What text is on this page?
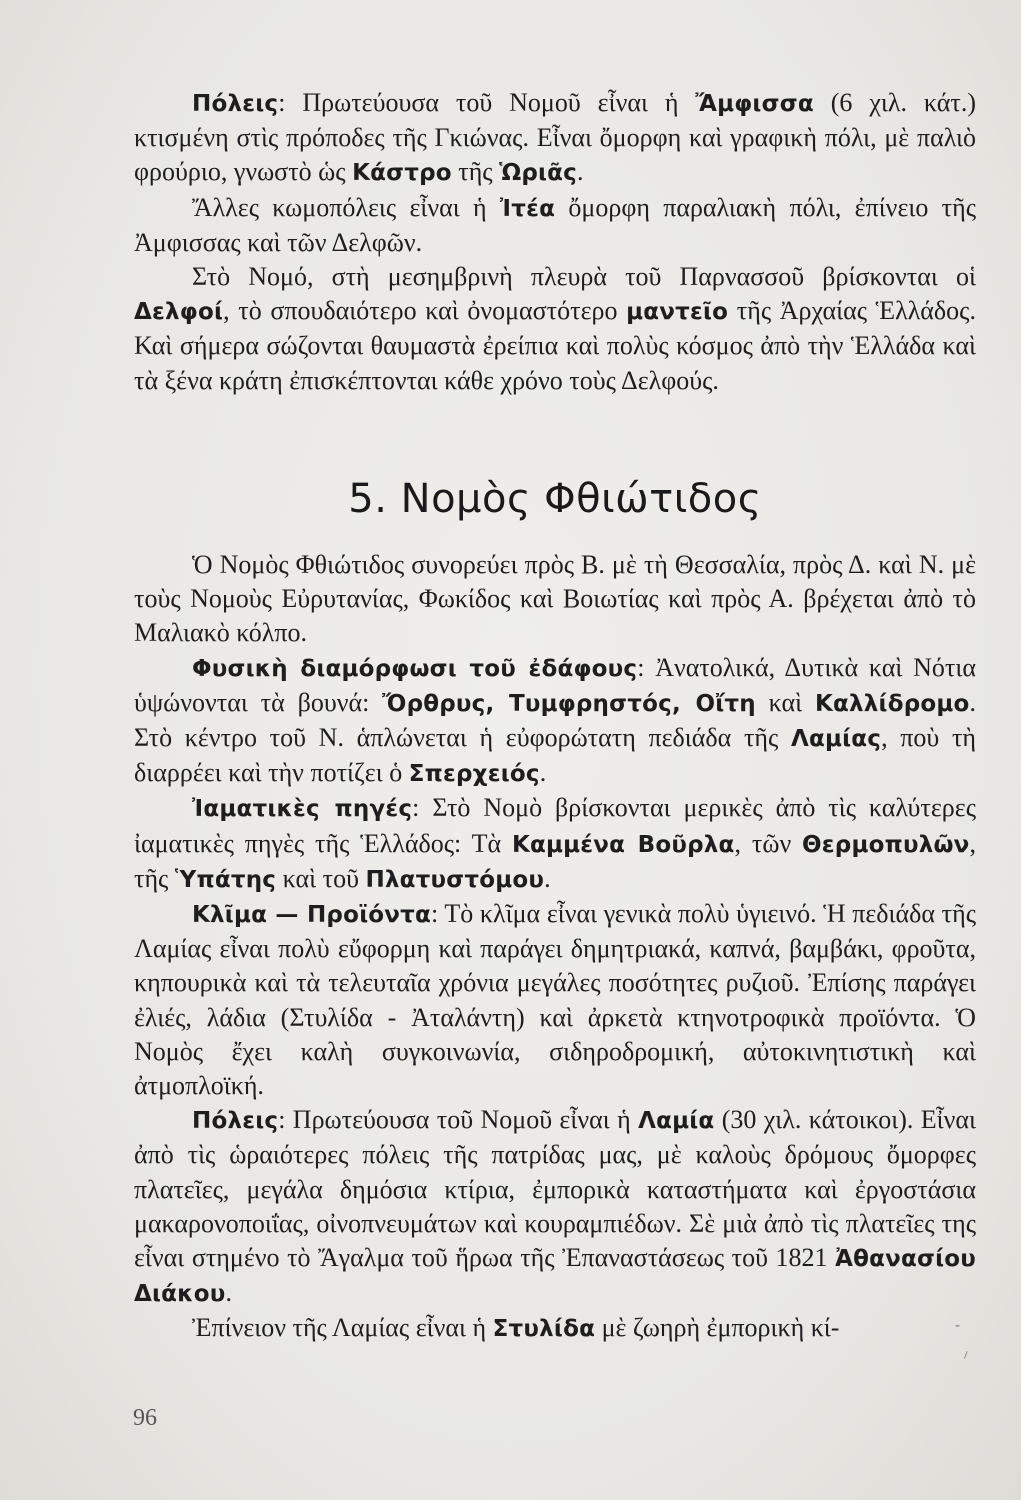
Πόλεις: Πρωτεύουσα τοῦ Νομοῦ εἶναι ἡ Ἄμφισσα (6 χιλ. κάτ.) κτισμένη στὶς πρόποδες τῆς Γκιώνας. Εἶναι ὄμορφη καὶ γραφικὴ πόλι, μὲ παλιὸ φρούριο, γνωστὸ ὡς Κάστρο τῆς Ὡριᾶς.

Ἄλλες κωμοπόλεις εἶναι ἡ Ἰτέα ὄμορφη παραλιακὴ πόλι, ἐπίνειο τῆς Ἀμφισσας καὶ τῶν Δελφῶν.

Στὸ Νομό, στὴ μεσημβρινὴ πλευρὰ τοῦ Παρνασσοῦ βρίσκονται οἱ Δελφοί, τὸ σπουδαιότερο καὶ ὀνομαστότερο μαντεῖο τῆς Ἀρχαίας Ἑλλάδος. Καὶ σήμερα σώζονται θαυμαστὰ ἐρείπια καὶ πολὺς κόσμος ἀπὸ τὴν Ἑλλάδα καὶ τὰ ξένα κράτη ἐπισκέπτονται κάθε χρόνο τοὺς Δελφούς.

5. Νομὸς Φθιώτιδος

Ὁ Νομὸς Φθιώτιδος συνορεύει πρὸς Β. μὲ τὴ Θεσσαλία, πρὸς Δ. καὶ Ν. μὲ τοὺς Νομοὺς Εὐρυτανίας, Φωκίδος καὶ Βοιωτίας καὶ πρὸς Α. βρέχεται ἀπὸ τὸ Μαλιακὸ κόλπο.

Φυσικὴ διαμόρφωσι τοῦ ἐδάφους: Ἀνατολικά, Δυτικὰ καὶ Νότια ὑψώνονται τὰ βουνά: Ὄρθρυς, Τυμφρηστός, Οἴτη καὶ Καλλίδρομο. Στὸ κέντρο τοῦ Ν. ἁπλώνεται ἡ εὐφορώτατη πεδιάδα τῆς Λαμίας, ποὺ τὴ διαρρέει καὶ τὴν ποτίζει ὁ Σπερχειός.

Ἰαματικὲς πηγές: Στὸ Νομὸ βρίσκονται μερικὲς ἀπὸ τὶς καλύτερες ἰαματικὲς πηγὲς τῆς Ἑλλάδος: Τὰ Καμμένα Βοῦρλα, τῶν Θερμοπυλῶν, τῆς Ὑπάτης καὶ τοῦ Πλατυστόμου.

Κλῖμα — Προϊόντα: Τὸ κλῖμα εἶναι γενικὰ πολὺ ὑγιεινό. Ἡ πεδιάδα τῆς Λαμίας εἶναι πολὺ εὔφορμη καὶ παράγει δημητριακά, καπνά, βαμβάκι, φροῦτα, κηπουρικὰ καὶ τὰ τελευταῖα χρόνια μεγάλες ποσότητες ρυζιοῦ. Ἐπίσης παράγει ἐλιές, λάδια (Στυλίδα - Ἀταλάντη) καὶ ἀρκετὰ κτηνοτροφικὰ προϊόντα. Ὁ Νομὸς ἔχει καλὴ συγκοινωνία, σιδηροδρομική, αὐτοκινητιστικὴ καὶ ἀτμοπλοϊκή.

Πόλεις: Πρωτεύουσα τοῦ Νομοῦ εἶναι ἡ Λαμία (30 χιλ. κάτοικοι). Εἶναι ἀπὸ τὶς ὡραιότερες πόλεις τῆς πατρίδας μας, μὲ καλοὺς δρόμους ὄμορφες πλατεῖες, μεγάλα δημόσια κτίρια, ἐμπορικὰ καταστήματα καὶ ἐργοστάσια μακαρονοποιΐας, οἰνοπνευμάτων καὶ κουραμπιέδων. Σὲ μιὰ ἀπὸ τὶς πλατεῖες της εἶναι στημένο τὸ Ἄγαλμα τοῦ ἥρωα τῆς Ἐπαναστάσεως τοῦ 1821 Ἀθανασίου Διάκου.

Ἐπίνειον τῆς Λαμίας εἶναι ἡ Στυλίδα μὲ ζωηρὴ ἐμπορικὴ κί-	-
⸝
96
